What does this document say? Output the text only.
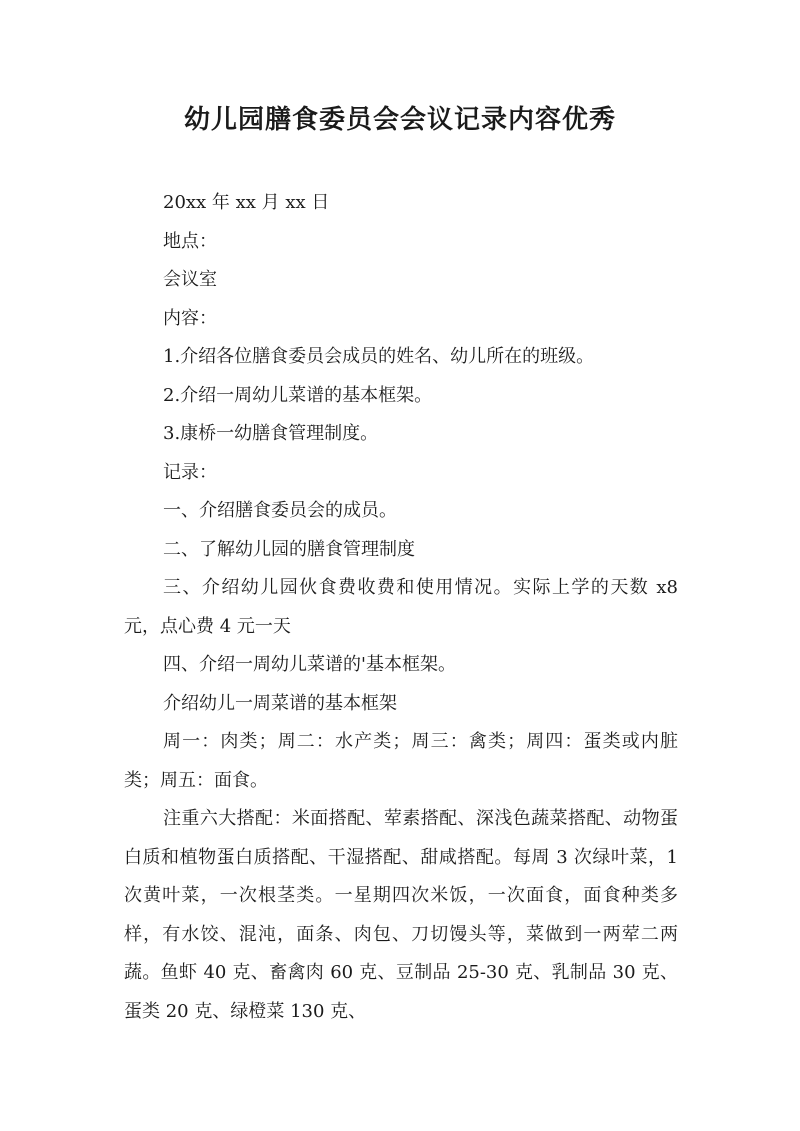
幼儿园膳食委员会会议记录内容优秀

20xx 年 xx 月 xx 日

地点：

会议室

内容：

1.介绍各位膳食委员会成员的姓名、幼儿所在的班级。

2.介绍一周幼儿菜谱的基本框架。

3.康桥一幼膳食管理制度。

记录：

一、介绍膳食委员会的成员。

二、了解幼儿园的膳食管理制度

三、介绍幼儿园伙食费收费和使用情况。实际上学的天数 x8 元，点心费 4 元一天

四、介绍一周幼儿菜谱的'基本框架。

介绍幼儿一周菜谱的基本框架

周一：肉类；周二：水产类；周三：禽类；周四：蛋类或内脏类；周五：面食。

注重六大搭配：米面搭配、荤素搭配、深浅色蔬菜搭配、动物蛋白质和植物蛋白质搭配、干湿搭配、甜咸搭配。每周 3 次绿叶菜，1 次黄叶菜，一次根茎类。一星期四次米饭，一次面食，面食种类多样，有水饺、混沌，面条、肉包、刀切馒头等，菜做到一两荤二两蔬。鱼虾 40 克、畜禽肉 60 克、豆制品 25-30 克、乳制品 30 克、蛋类 20 克、绿橙菜 130 克、
